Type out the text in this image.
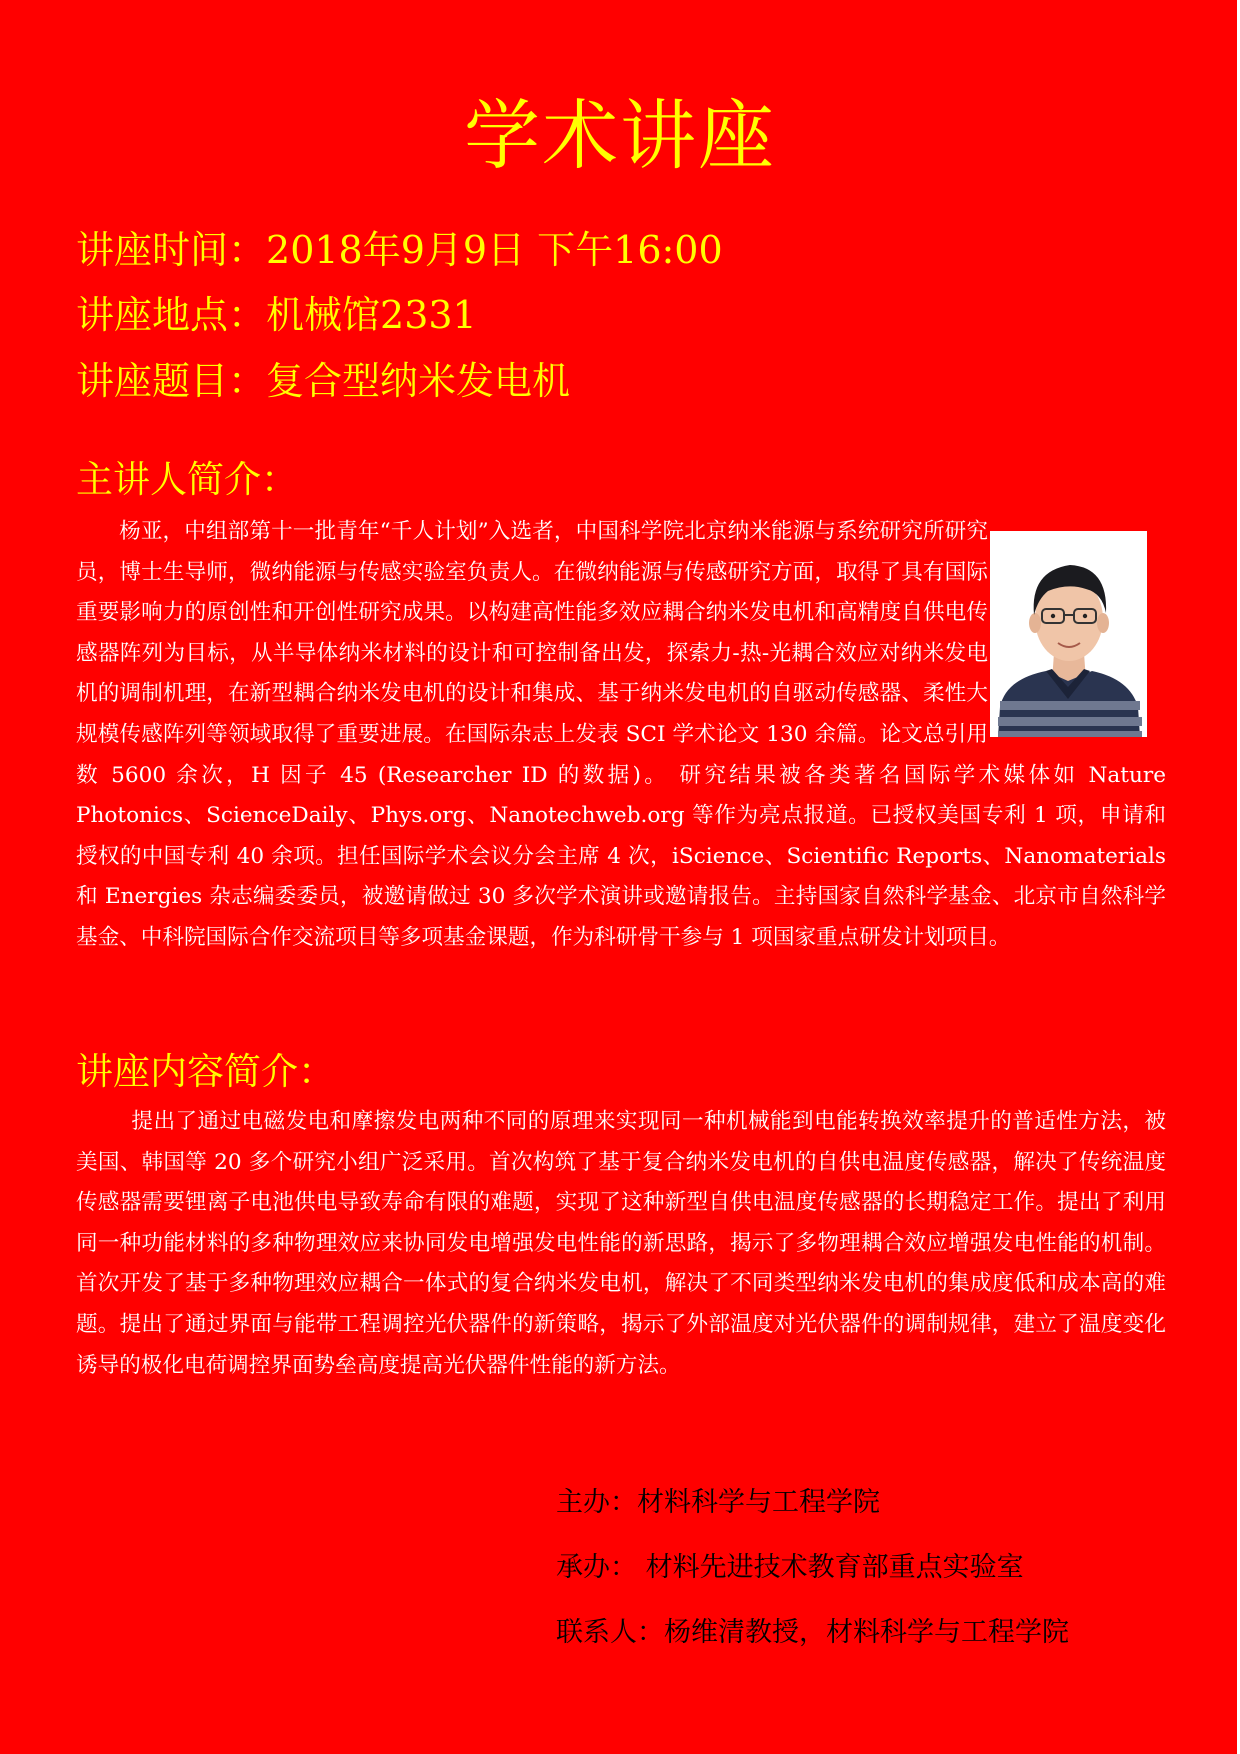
学术讲座
讲座时间：2018年9月9日 下午16:00
讲座地点：机械馆2331
讲座题目：复合型纳米发电机
主讲人简介：
杨亚，中组部第十一批青年“千人计划”入选者，中国科学院北京纳米能源与系统研究所研究员，博士生导师，微纳能源与传感实验室负责人。在微纳能源与传感研究方面，取得了具有国际重要影响力的原创性和开创性研究成果。以构建高性能多效应耦合纳米发电机和高精度自供电传感器阵列为目标，从半导体纳米材料的设计和可控制备出发，探索力-热-光耦合效应对纳米发电机的调制机理，在新型耦合纳米发电机的设计和集成、基于纳米发电机的自驱动传感器、柔性大规模传感阵列等领域取得了重要进展。在国际杂志上发表 SCI 学术论文 130 余篇。论文总引用数 5600 余次，H 因子 45 (Researcher ID 的数据)。 研究结果被各类著名国际学术媒体如 Nature Photonics、ScienceDaily、Phys.org、Nanotechweb.org 等作为亮点报道。已授权美国专利 1 项，申请和授权的中国专利 40 余项。担任国际学术会议分会主席 4 次，iScience、Scientific Reports、Nanomaterials 和 Energies 杂志编委委员，被邀请做过 30 多次学术演讲或邀请报告。主持国家自然科学基金、北京市自然科学基金、中科院国际合作交流项目等多项基金课题，作为科研骨干参与 1 项国家重点研发计划项目。
讲座内容简介：
提出了通过电磁发电和摩擦发电两种不同的原理来实现同一种机械能到电能转换效率提升的普适性方法，被美国、韩国等 20 多个研究小组广泛采用。首次构筑了基于复合纳米发电机的自供电温度传感器，解决了传统温度传感器需要锂离子电池供电导致寿命有限的难题，实现了这种新型自供电温度传感器的长期稳定工作。提出了利用同一种功能材料的多种物理效应来协同发电增强发电性能的新思路，揭示了多物理耦合效应增强发电性能的机制。首次开发了基于多种物理效应耦合一体式的复合纳米发电机，解决了不同类型纳米发电机的集成度低和成本高的难题。提出了通过界面与能带工程调控光伏器件的新策略，揭示了外部温度对光伏器件的调制规律，建立了温度变化诱导的极化电荷调控界面势垒高度提高光伏器件性能的新方法。
主办：材料科学与工程学院
承办： 材料先进技术教育部重点实验室
联系人：杨维清教授，材料科学与工程学院
